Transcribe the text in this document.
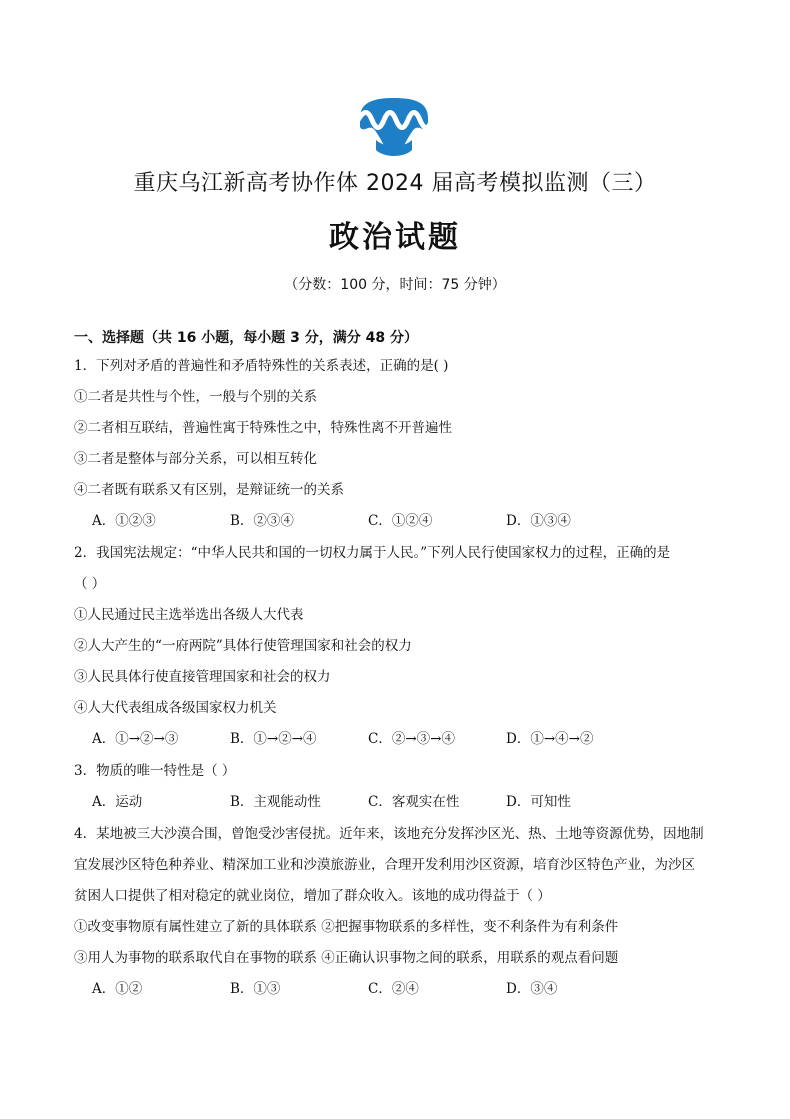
重庆乌江新高考协作体 2024 届高考模拟监测（三）
政治试题
（分数：100 分，时间：75 分钟）
一、选择题（共 16 小题，每小题 3 分，满分 48 分）
1．下列对矛盾的普遍性和矛盾特殊性的关系表述，正确的是( )
①二者是共性与个性，一般与个别的关系
②二者相互联结，普遍性寓于特殊性之中，特殊性离不开普遍性
③二者是整体与部分关系，可以相互转化
④二者既有联系又有区别，是辩证统一的关系
A．①②③	B．②③④	C．①②④	D．①③④
2．我国宪法规定：“中华人民共和国的一切权力属于人民。”下列人民行使国家权力的过程，正确的是
（ ）
①人民通过民主选举选出各级人大代表
②人大产生的“一府两院”具体行使管理国家和社会的权力
③人民具体行使直接管理国家和社会的权力
④人大代表组成各级国家权力机关
A．①→②→③	B．①→②→④	C．②→③→④	D．①→④→②
3．物质的唯一特性是（ ）
A．运动	B．主观能动性	C．客观实在性	D．可知性
4．某地被三大沙漠合围，曾饱受沙害侵扰。近年来，该地充分发挥沙区光、热、土地等资源优势，因地制
宜发展沙区特色种养业、精深加工业和沙漠旅游业，合理开发利用沙区资源，培育沙区特色产业，为沙区
贫困人口提供了相对稳定的就业岗位，增加了群众收入。该地的成功得益于（ ）
①改变事物原有属性建立了新的具体联系 ②把握事物联系的多样性，变不利条件为有利条件
③用人为事物的联系取代自在事物的联系 ④正确认识事物之间的联系，用联系的观点看问题
A．①②	B．①③	C．②④	D．③④
